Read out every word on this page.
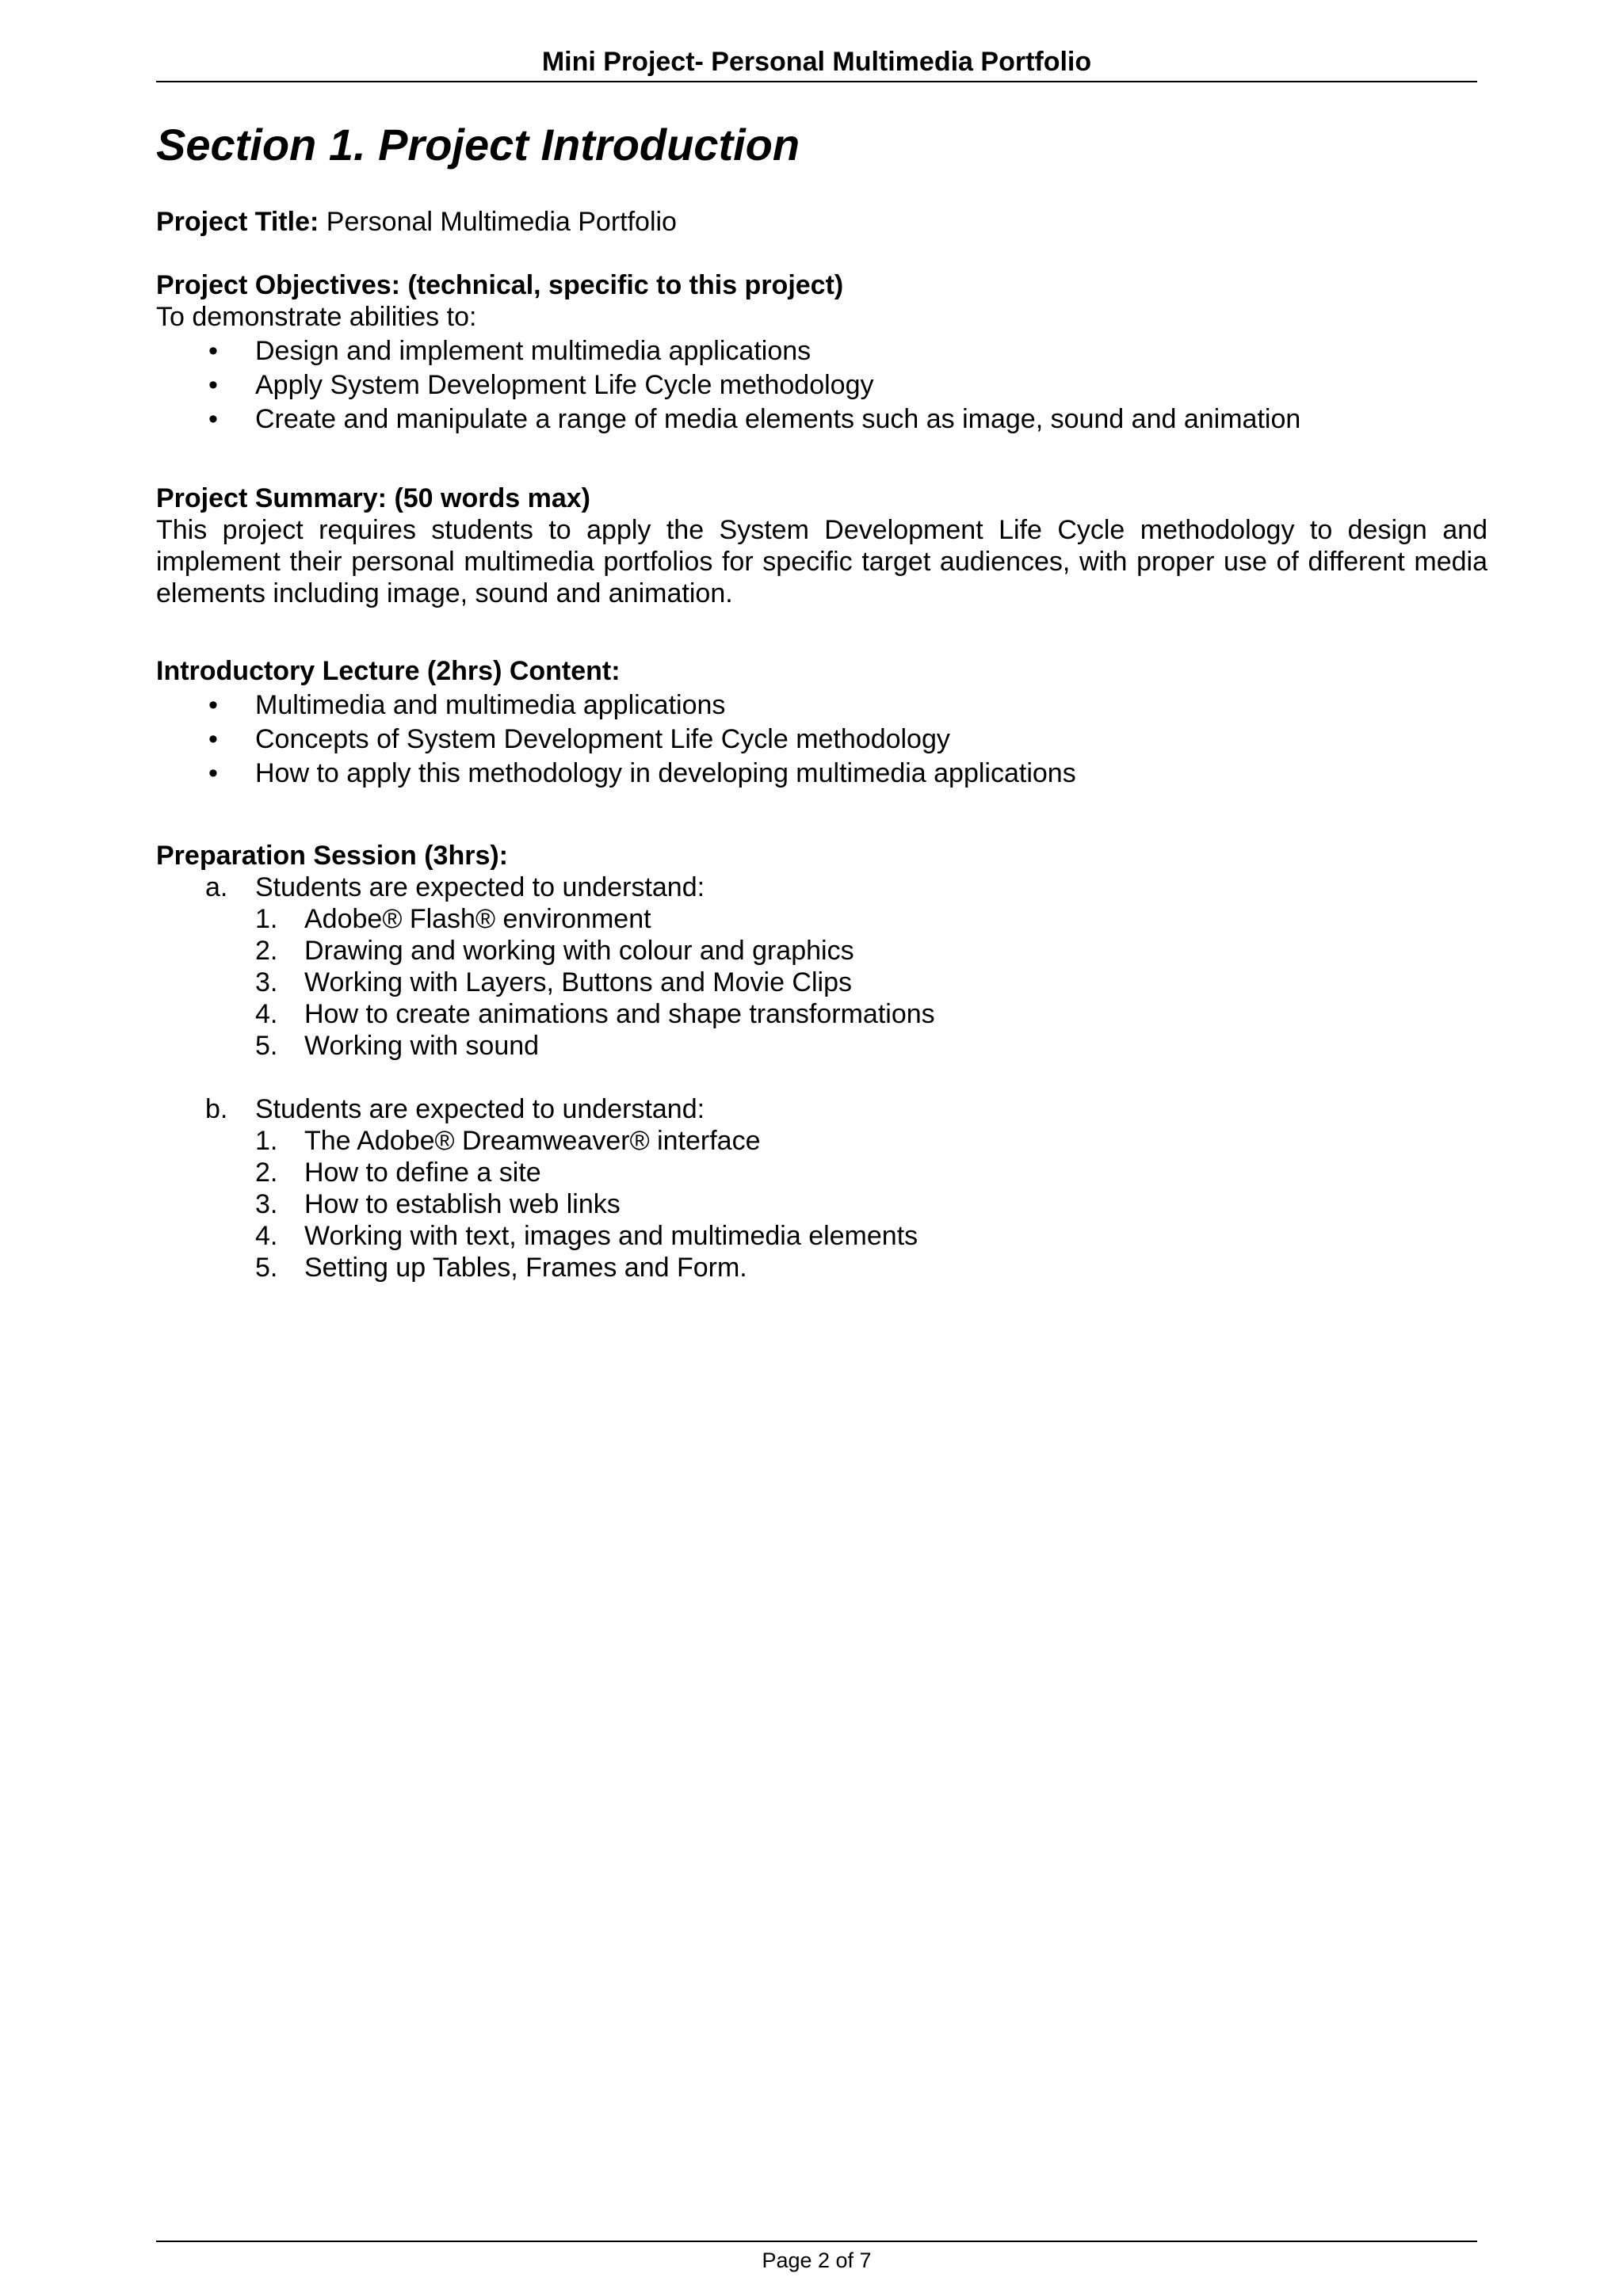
Mini Project- Personal Multimedia Portfolio
Section 1. Project Introduction

Project Title: Personal Multimedia Portfolio

Project Objectives: (technical, specific to this project)
To demonstrate abilities to:
• Design and implement multimedia applications
• Apply System Development Life Cycle methodology
• Create and manipulate a range of media elements such as image, sound and animation
Project Summary: (50 words max)
This project requires students to apply the System Development Life Cycle methodology to design and implement their personal multimedia portfolios for specific target audiences, with proper use of different media elements including image, sound and animation.
Introductory Lecture (2hrs) Content:
• Multimedia and multimedia applications
• Concepts of System Development Life Cycle methodology
• How to apply this methodology in developing multimedia applications
Preparation Session (3hrs):
a. Students are expected to understand:
1. Adobe® Flash® environment
2. Drawing and working with colour and graphics
3. Working with Layers, Buttons and Movie Clips
4. How to create animations and shape transformations
5. Working with sound
b. Students are expected to understand:
1. The Adobe® Dreamweaver® interface
2. How to define a site
3. How to establish web links
4. Working with text, images and multimedia elements
5. Setting up Tables, Frames and Form.
Page 2 of 7
